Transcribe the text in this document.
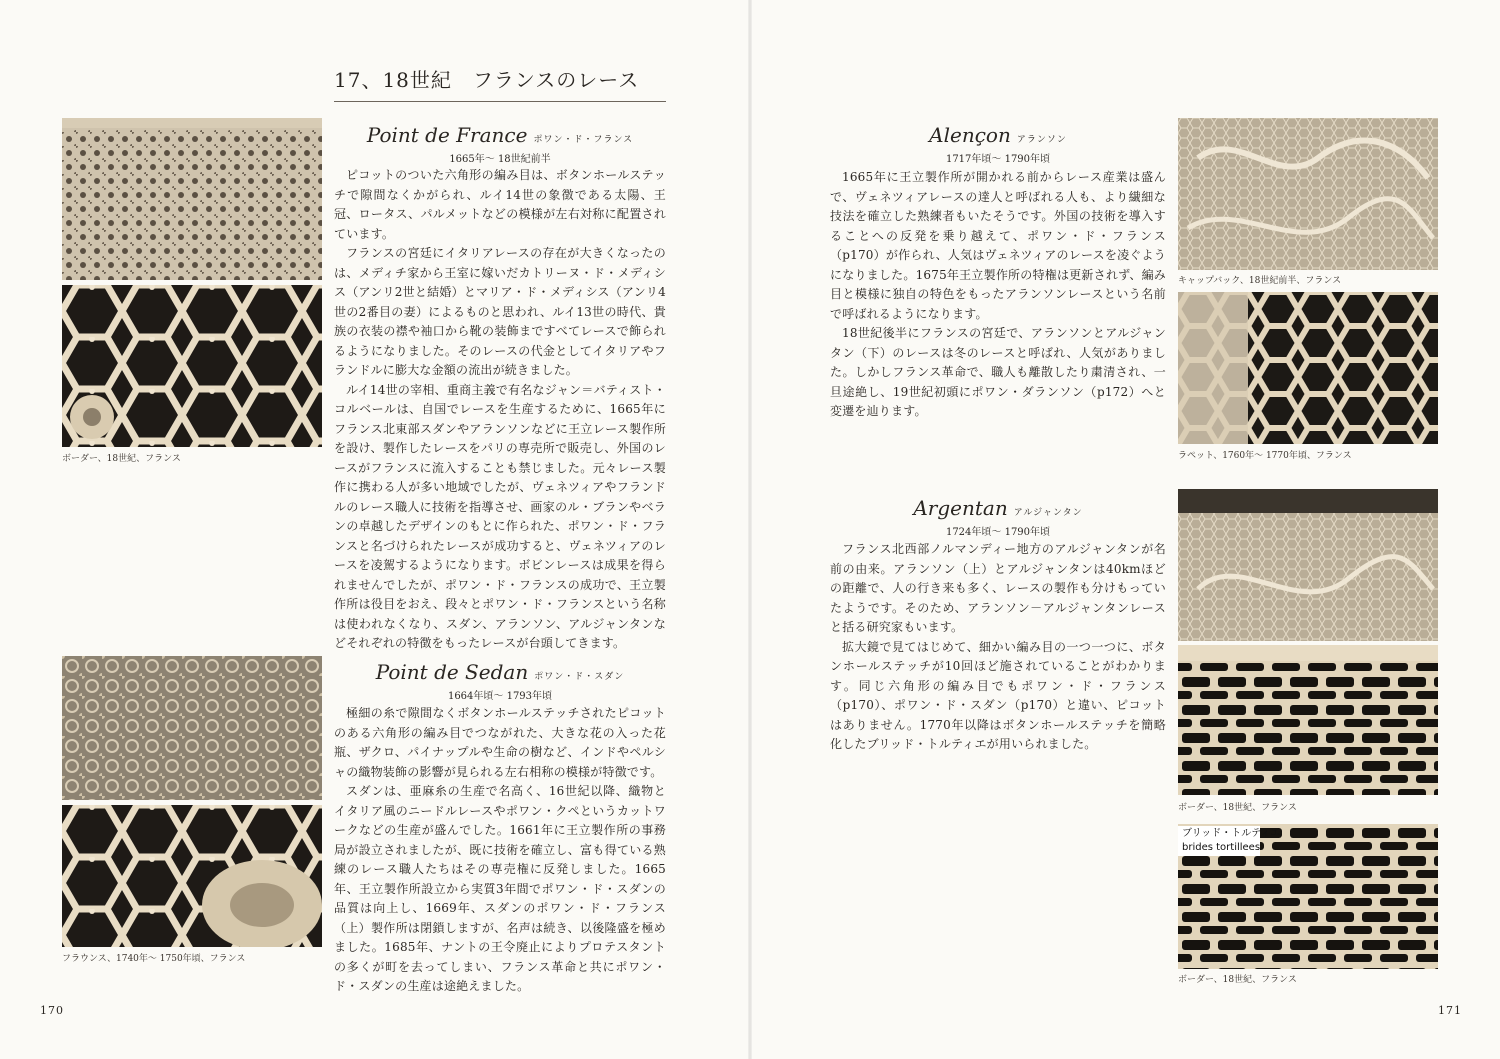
17、18世紀　フランスのレース
ボーダー、18世紀、フランス
Point de France ポワン・ド・フランス
1665年～ 18世紀前半

ピコットのついた六角形の編み目は、ボタンホールステッチで隙間なくかがられ、ルイ14世の象徴である太陽、王冠、ロータス、パルメットなどの模様が左右対称に配置されています。

フランスの宮廷にイタリアレースの存在が大きくなったのは、メディチ家から王室に嫁いだカトリーヌ・ド・メディシス（アンリ2世と結婚）とマリア・ド・メディシス（アンリ4世の2番目の妻）によるものと思われ、ルイ13世の時代、貴族の衣装の襟や袖口から靴の装飾まですべてレースで飾られるようになりました。そのレースの代金としてイタリアやフランドルに膨大な金額の流出が続きました。

ルイ14世の宰相、重商主義で有名なジャン＝バティスト・コルベールは、自国でレースを生産するために、1665年にフランス北東部スダンやアランソンなどに王立レース製作所を設け、製作したレースをパリの専売所で販売し、外国のレースがフランスに流入することも禁じました。元々レース製作に携わる人が多い地域でしたが、ヴェネツィアやフランドルのレース職人に技術を指導させ、画家のル・ブランやベランの卓越したデザインのもとに作られた、ポワン・ド・フランスと名づけられたレースが成功すると、ヴェネツィアのレースを凌駕するようになります。ボビンレースは成果を得られませんでしたが、ポワン・ド・フランスの成功で、王立製作所は役目をおえ、段々とポワン・ド・フランスという名称は使われなくなり、スダン、アランソン、アルジャンタンなどそれぞれの特徴をもったレースが台頭してきます。

フラウンス、1740年～ 1750年頃、フランス
Point de Sedan ポワン・ド・スダン
1664年頃～ 1793年頃

極細の糸で隙間なくボタンホールステッチされたピコットのある六角形の編み目でつながれた、大きな花の入った花瓶、ザクロ、パイナップルや生命の樹など、インドやペルシャの織物装飾の影響が見られる左右相称の模様が特徴です。

スダンは、亜麻糸の生産で名高く、16世紀以降、織物とイタリア風のニードルレースやポワン・クペというカットワークなどの生産が盛んでした。1661年に王立製作所の事務局が設立されましたが、既に技術を確立し、富も得ている熟練のレース職人たちはその専売権に反発しました。1665年、王立製作所設立から実質3年間でポワン・ド・スダンの品質は向上し、1669年、スダンのポワン・ド・フランス（上）製作所は閉鎖しますが、名声は続き、以後隆盛を極めました。1685年、ナントの王令廃止によりプロテスタントの多くが町を去ってしまい、フランス革命と共にポワン・ド・スダンの生産は途絶えました。

170
Alençon アランソン
1717年頃～ 1790年頃

1665年に王立製作所が開かれる前からレース産業は盛んで、ヴェネツィアレースの達人と呼ばれる人も、より繊細な技法を確立した熟練者もいたそうです。外国の技術を導入することへの反発を乗り越えて、ポワン・ド・フランス（p170）が作られ、人気はヴェネツィアのレースを凌ぐようになりました。1675年王立製作所の特権は更新されず、編み目と模様に独自の特色をもったアランソンレースという名前で呼ばれるようになります。

18世紀後半にフランスの宮廷で、アランソンとアルジャンタン（下）のレースは冬のレースと呼ばれ、人気がありました。しかしフランス革命で、職人も離散したり粛清され、一旦途絶し、19世紀初頭にポワン・ダランソン（p172）へと変遷を辿ります。

キャップバック、18世紀前半、フランス
ラペット、1760年～ 1770年頃、フランス
Argentan アルジャンタン
1724年頃～ 1790年頃

フランス北西部ノルマンディー地方のアルジャンタンが名前の由来。アランソン（上）とアルジャンタンは40kmほどの距離で、人の行き来も多く、レースの製作も分けもっていたようです。そのため、アランソン－アルジャンタンレースと括る研究家もいます。

拡大鏡で見てはじめて、細かい編み目の一つ一つに、ボタンホールステッチが10回ほど施されていることがわかります。同じ六角形の編み目でもポワン・ド・フランス（p170）、ポワン・ド・スダン（p170）と違い、ピコットはありません。1770年以降はボタンホールステッチを簡略化したブリッド・トルティエが用いられました。

ボーダー、18世紀、フランス
ブリッド・トルティエ
brides tortillees
ボーダー、18世紀、フランス
171
